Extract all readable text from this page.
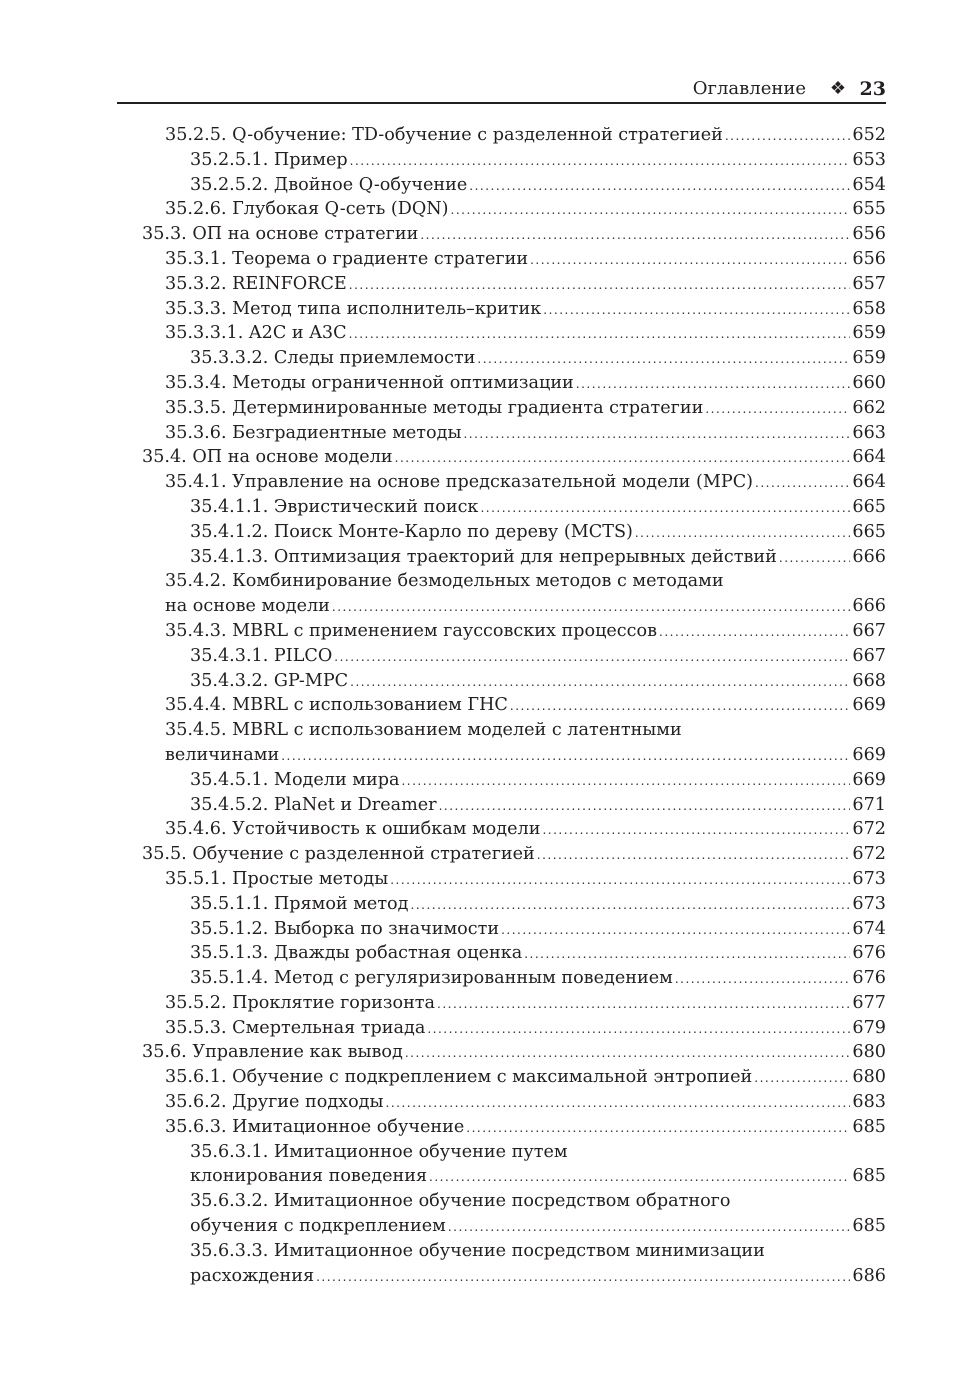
Оглавление ❖ 23
35.2.5. Q-обучение: TD-обучение с разделенной стратегией .....	652
35.2.5.1. Пример .....	653
35.2.5.2. Двойное Q-обучение .....	654
35.2.6. Глубокая Q-сеть (DQN) .....	655
35.3. ОП на основе стратегии .....	656
35.3.1. Теорема о градиенте стратегии .....	656
35.3.2. REINFORCE .....	657
35.3.3. Метод типа исполнитель–критик .....	658
35.3.3.1. A2C и A3C .....	659
35.3.3.2. Следы приемлемости .....	659
35.3.4. Методы ограниченной оптимизации .....	660
35.3.5. Детерминированные методы градиента стратегии .....	662
35.3.6. Безградиентные методы .....	663
35.4. ОП на основе модели .....	664
35.4.1. Управление на основе предсказательной модели (MPC) .....	664
35.4.1.1. Эвристический поиск .....	665
35.4.1.2. Поиск Монте-Карло по дереву (MCTS) .....	665
35.4.1.3. Оптимизация траекторий для непрерывных действий .....	666
35.4.2. Комбинирование безмодельных методов с методами
на основе модели .....	666
35.4.3. MBRL с применением гауссовских процессов .....	667
35.4.3.1. PILCO .....	667
35.4.3.2. GP-MPC .....	668
35.4.4. MBRL с использованием ГНС .....	669
35.4.5. MBRL с использованием моделей с латентными
величинами .....	669
35.4.5.1. Модели мира .....	669
35.4.5.2. PlaNet и Dreamer .....	671
35.4.6. Устойчивость к ошибкам модели .....	672
35.5. Обучение с разделенной стратегией .....	672
35.5.1. Простые методы .....	673
35.5.1.1. Прямой метод .....	673
35.5.1.2. Выборка по значимости .....	674
35.5.1.3. Дважды робастная оценка .....	676
35.5.1.4. Метод с регуляризированным поведением .....	676
35.5.2. Проклятие горизонта .....	677
35.5.3. Смертельная триада .....	679
35.6. Управление как вывод .....	680
35.6.1. Обучение с подкреплением с максимальной энтропией .....	680
35.6.2. Другие подходы .....	683
35.6.3. Имитационное обучение .....	685
35.6.3.1. Имитационное обучение путем
клонирования поведения .....	685
35.6.3.2. Имитационное обучение посредством обратного
обучения с подкреплением .....	685
35.6.3.3. Имитационное обучение посредством минимизации
расхождения .....	686
